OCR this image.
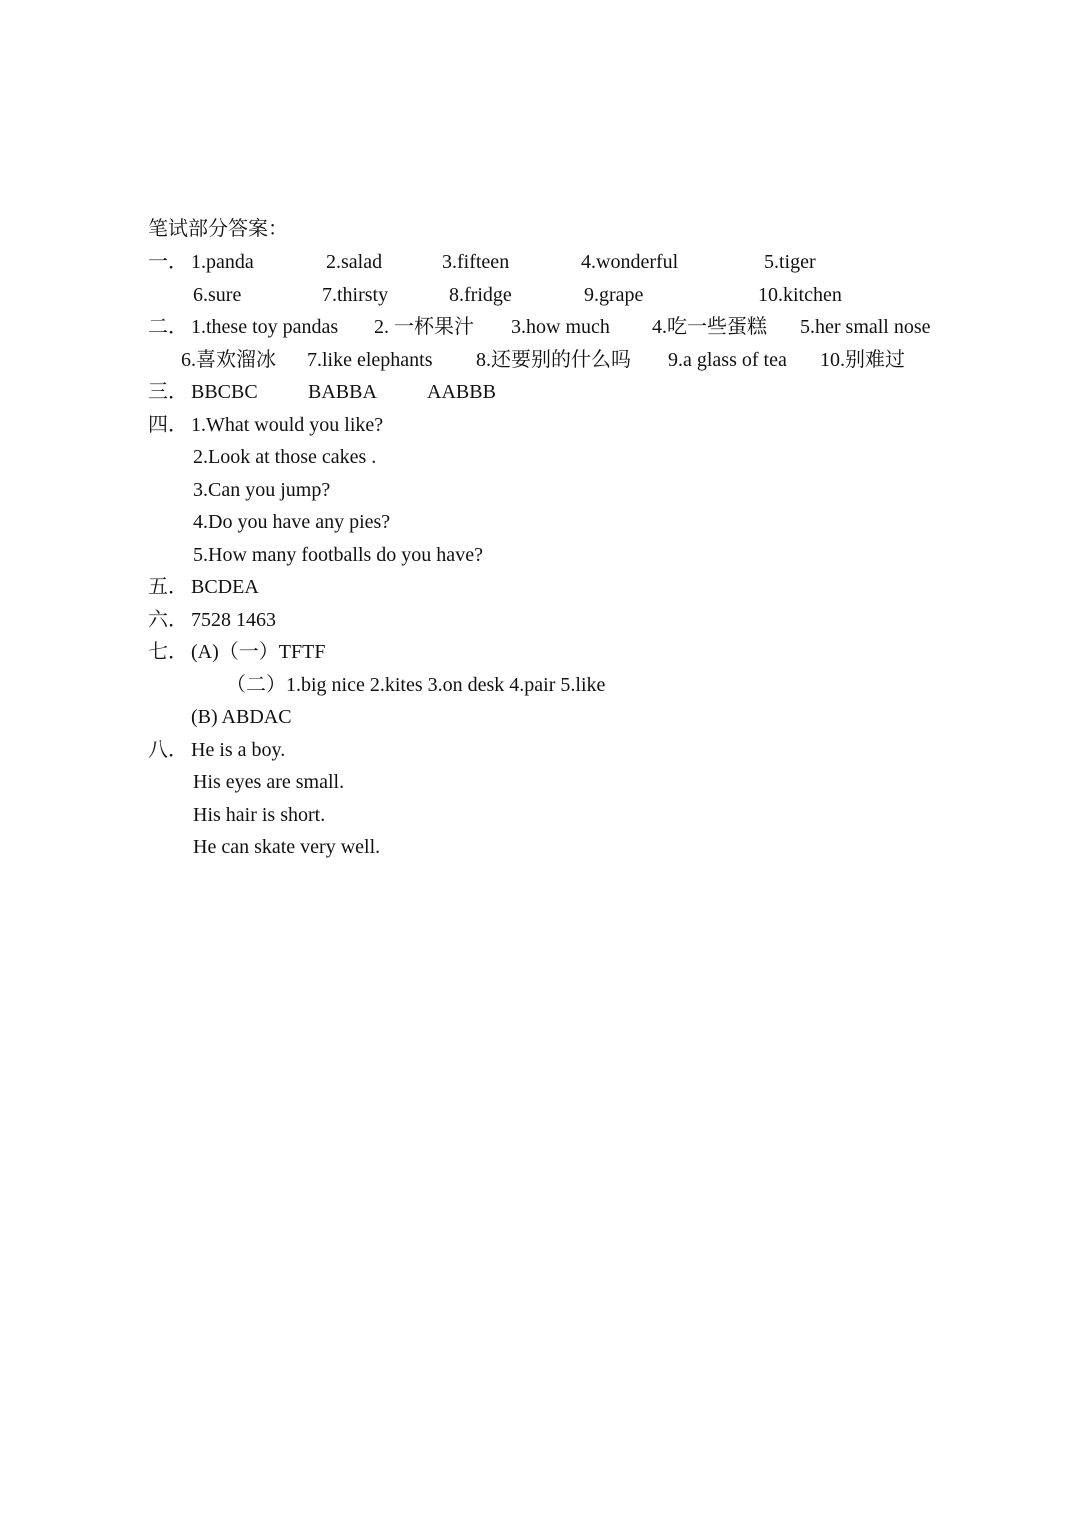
笔试部分答案：
一． 1.panda	2.salad	3.fifteen	4.wonderful	5.tiger
6.sure	7.thirsty	8.fridge	9.grape	10.kitchen
二． 1.these toy pandas 2. 一杯果汁 3.how much 4.吃一些蛋糕 5.her small nose
6.喜欢溜冰 7.like elephants 8.还要别的什么吗 9.a glass of tea 10.别难过
三． BBCBC	BABBA	AABBB
四． 1.What would you like?
2.Look at those cakes .
3.Can you jump?
4.Do you have any pies?
5.How many footballs do you have?
五． BCDEA
六． 7528 1463
七． (A)（一）TFTF
（二）1.big nice 2.kites 3.on desk 4.pair 5.like
(B) ABDAC
八． He is a boy.
His eyes are small.
His hair is short.
He can skate very well.
